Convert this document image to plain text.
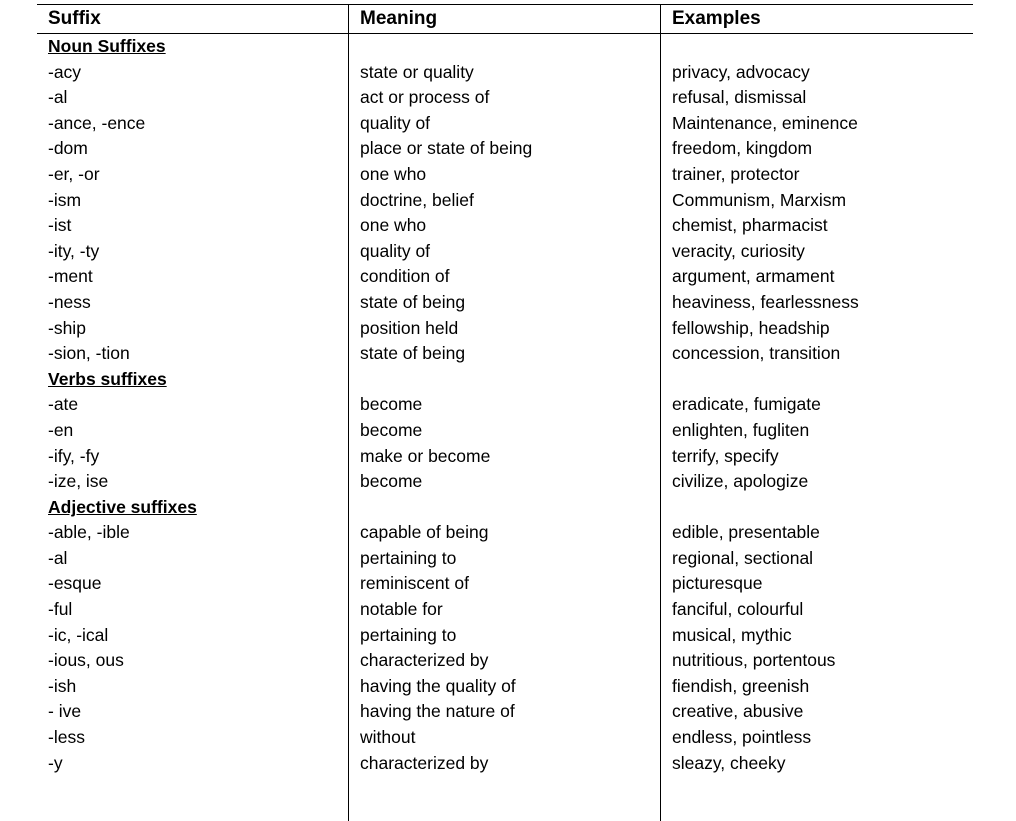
Suffix	Meaning	Examples
Noun Suffixes
-acy	state or quality	privacy, advocacy
-al	act or process of	refusal, dismissal
-ance, -ence	quality of	Maintenance, eminence
-dom	place or state of being	freedom, kingdom
-er, -or	one who	trainer, protector
-ism	doctrine, belief	Communism, Marxism
-ist	one who	chemist, pharmacist
-ity, -ty	quality of	veracity, curiosity
-ment	condition of	argument, armament
-ness	state of being	heaviness, fearlessness
-ship	position held	fellowship, headship
-sion, -tion	state of being	concession, transition
Verbs suffixes
-ate	become	eradicate, fumigate
-en	become	enlighten, fugliten
-ify, -fy	make or become	terrify, specify
-ize, ise	become	civilize, apologize
Adjective suffixes
-able, -ible	capable of being	edible, presentable
-al	pertaining to	regional, sectional
-esque	reminiscent of	picturesque
-ful	notable for	fanciful, colourful
-ic, -ical	pertaining to	musical, mythic
-ious, ous	characterized by	nutritious, portentous
-ish	having the quality of	fiendish, greenish
- ive	having the nature of	creative, abusive
-less	without	endless, pointless
-y	characterized by	sleazy, cheeky
